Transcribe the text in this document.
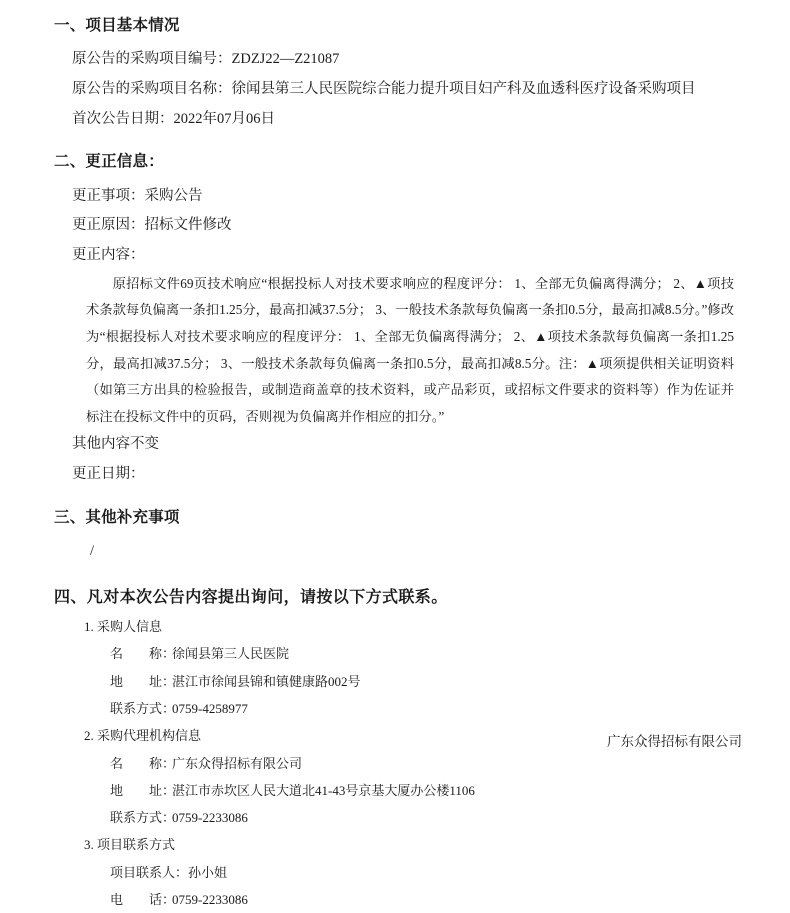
一、项目基本情况
原公告的采购项目编号：ZDZJ22—Z21087
原公告的采购项目名称：徐闻县第三人民医院综合能力提升项目妇产科及血透科医疗设备采购项目
首次公告日期：2022年07月06日
二、更正信息：
更正事项：采购公告
更正原因：招标文件修改
更正内容：
原招标文件69页技术响应“根据投标人对技术要求响应的程度评分： 1、全部无负偏离得满分； 2、▲项技术条款每负偏离一条扣1.25分，最高扣减37.5分； 3、一般技术条款每负偏离一条扣0.5分，最高扣减8.5分。”修改为“根据投标人对技术要求响应的程度评分： 1、全部无负偏离得满分； 2、▲项技术条款每负偏离一条扣1.25分，最高扣减37.5分； 3、一般技术条款每负偏离一条扣0.5分，最高扣减8.5分。注：▲项须提供相关证明资料（如第三方出具的检验报告，或制造商盖章的技术资料，或产品彩页，或招标文件要求的资料等）作为佐证并标注在投标文件中的页码，否则视为负偏离并作相应的扣分。”
其他内容不变
更正日期：
三、其他补充事项
/
四、凡对本次公告内容提出询问，请按以下方式联系。
1. 采购人信息
名　　称：徐闻县第三人民医院
地　　址：湛江市徐闻县锦和镇健康路002号
联系方式：0759-4258977
2. 采购代理机构信息
名　　称：广东众得招标有限公司
地　　址：湛江市赤坎区人民大道北41-43号京基大厦办公楼1106
联系方式：0759-2233086
3. 项目联系方式
项目联系人：孙小姐
电　　话：0759-2233086
广东众得招标有限公司
